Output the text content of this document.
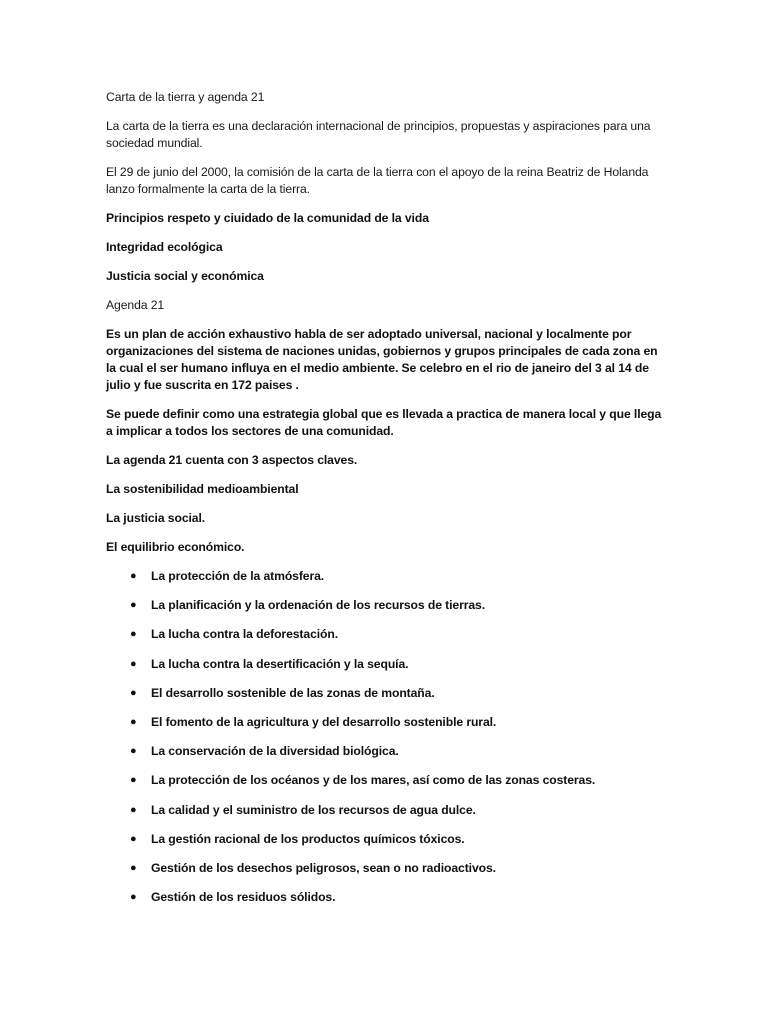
Carta de la tierra y agenda 21

La carta de la tierra es una declaración internacional de principios, propuestas y aspiraciones para una sociedad mundial.

El 29 de junio del 2000, la comisión de la carta de la tierra con el apoyo de la reina Beatriz de Holanda lanzo formalmente la carta de la tierra.

Principios respeto y ciuidado de la comunidad de la vida

Integridad ecológica

Justicia social y económica

Agenda 21

Es un plan de acción exhaustivo habla de ser adoptado universal, nacional y localmente por organizaciones del sistema de naciones unidas, gobiernos y grupos principales de cada zona en la cual el ser humano influya en el medio ambiente. Se celebro en el rio de janeiro del 3 al 14 de julio y fue suscrita en 172 paises .

Se puede definir como una estrategia global que es llevada a practica de manera local y que llega a implicar a todos los sectores de una comunidad.

La agenda 21 cuenta con 3 aspectos claves.

La sostenibilidad medioambiental

La justicia social.

El equilibrio económico.

● La protección de la atmósfera.
● La planificación y la ordenación de los recursos de tierras.
● La lucha contra la deforestación.
● La lucha contra la desertificación y la sequía.
● El desarrollo sostenible de las zonas de montaña.
● El fomento de la agricultura y del desarrollo sostenible rural.
● La conservación de la diversidad biológica.
● La protección de los océanos y de los mares, así como de las zonas costeras.
● La calidad y el suministro de los recursos de agua dulce.
● La gestión racional de los productos químicos tóxicos.
● Gestión de los desechos peligrosos, sean o no radioactivos.
● Gestión de los residuos sólidos.
